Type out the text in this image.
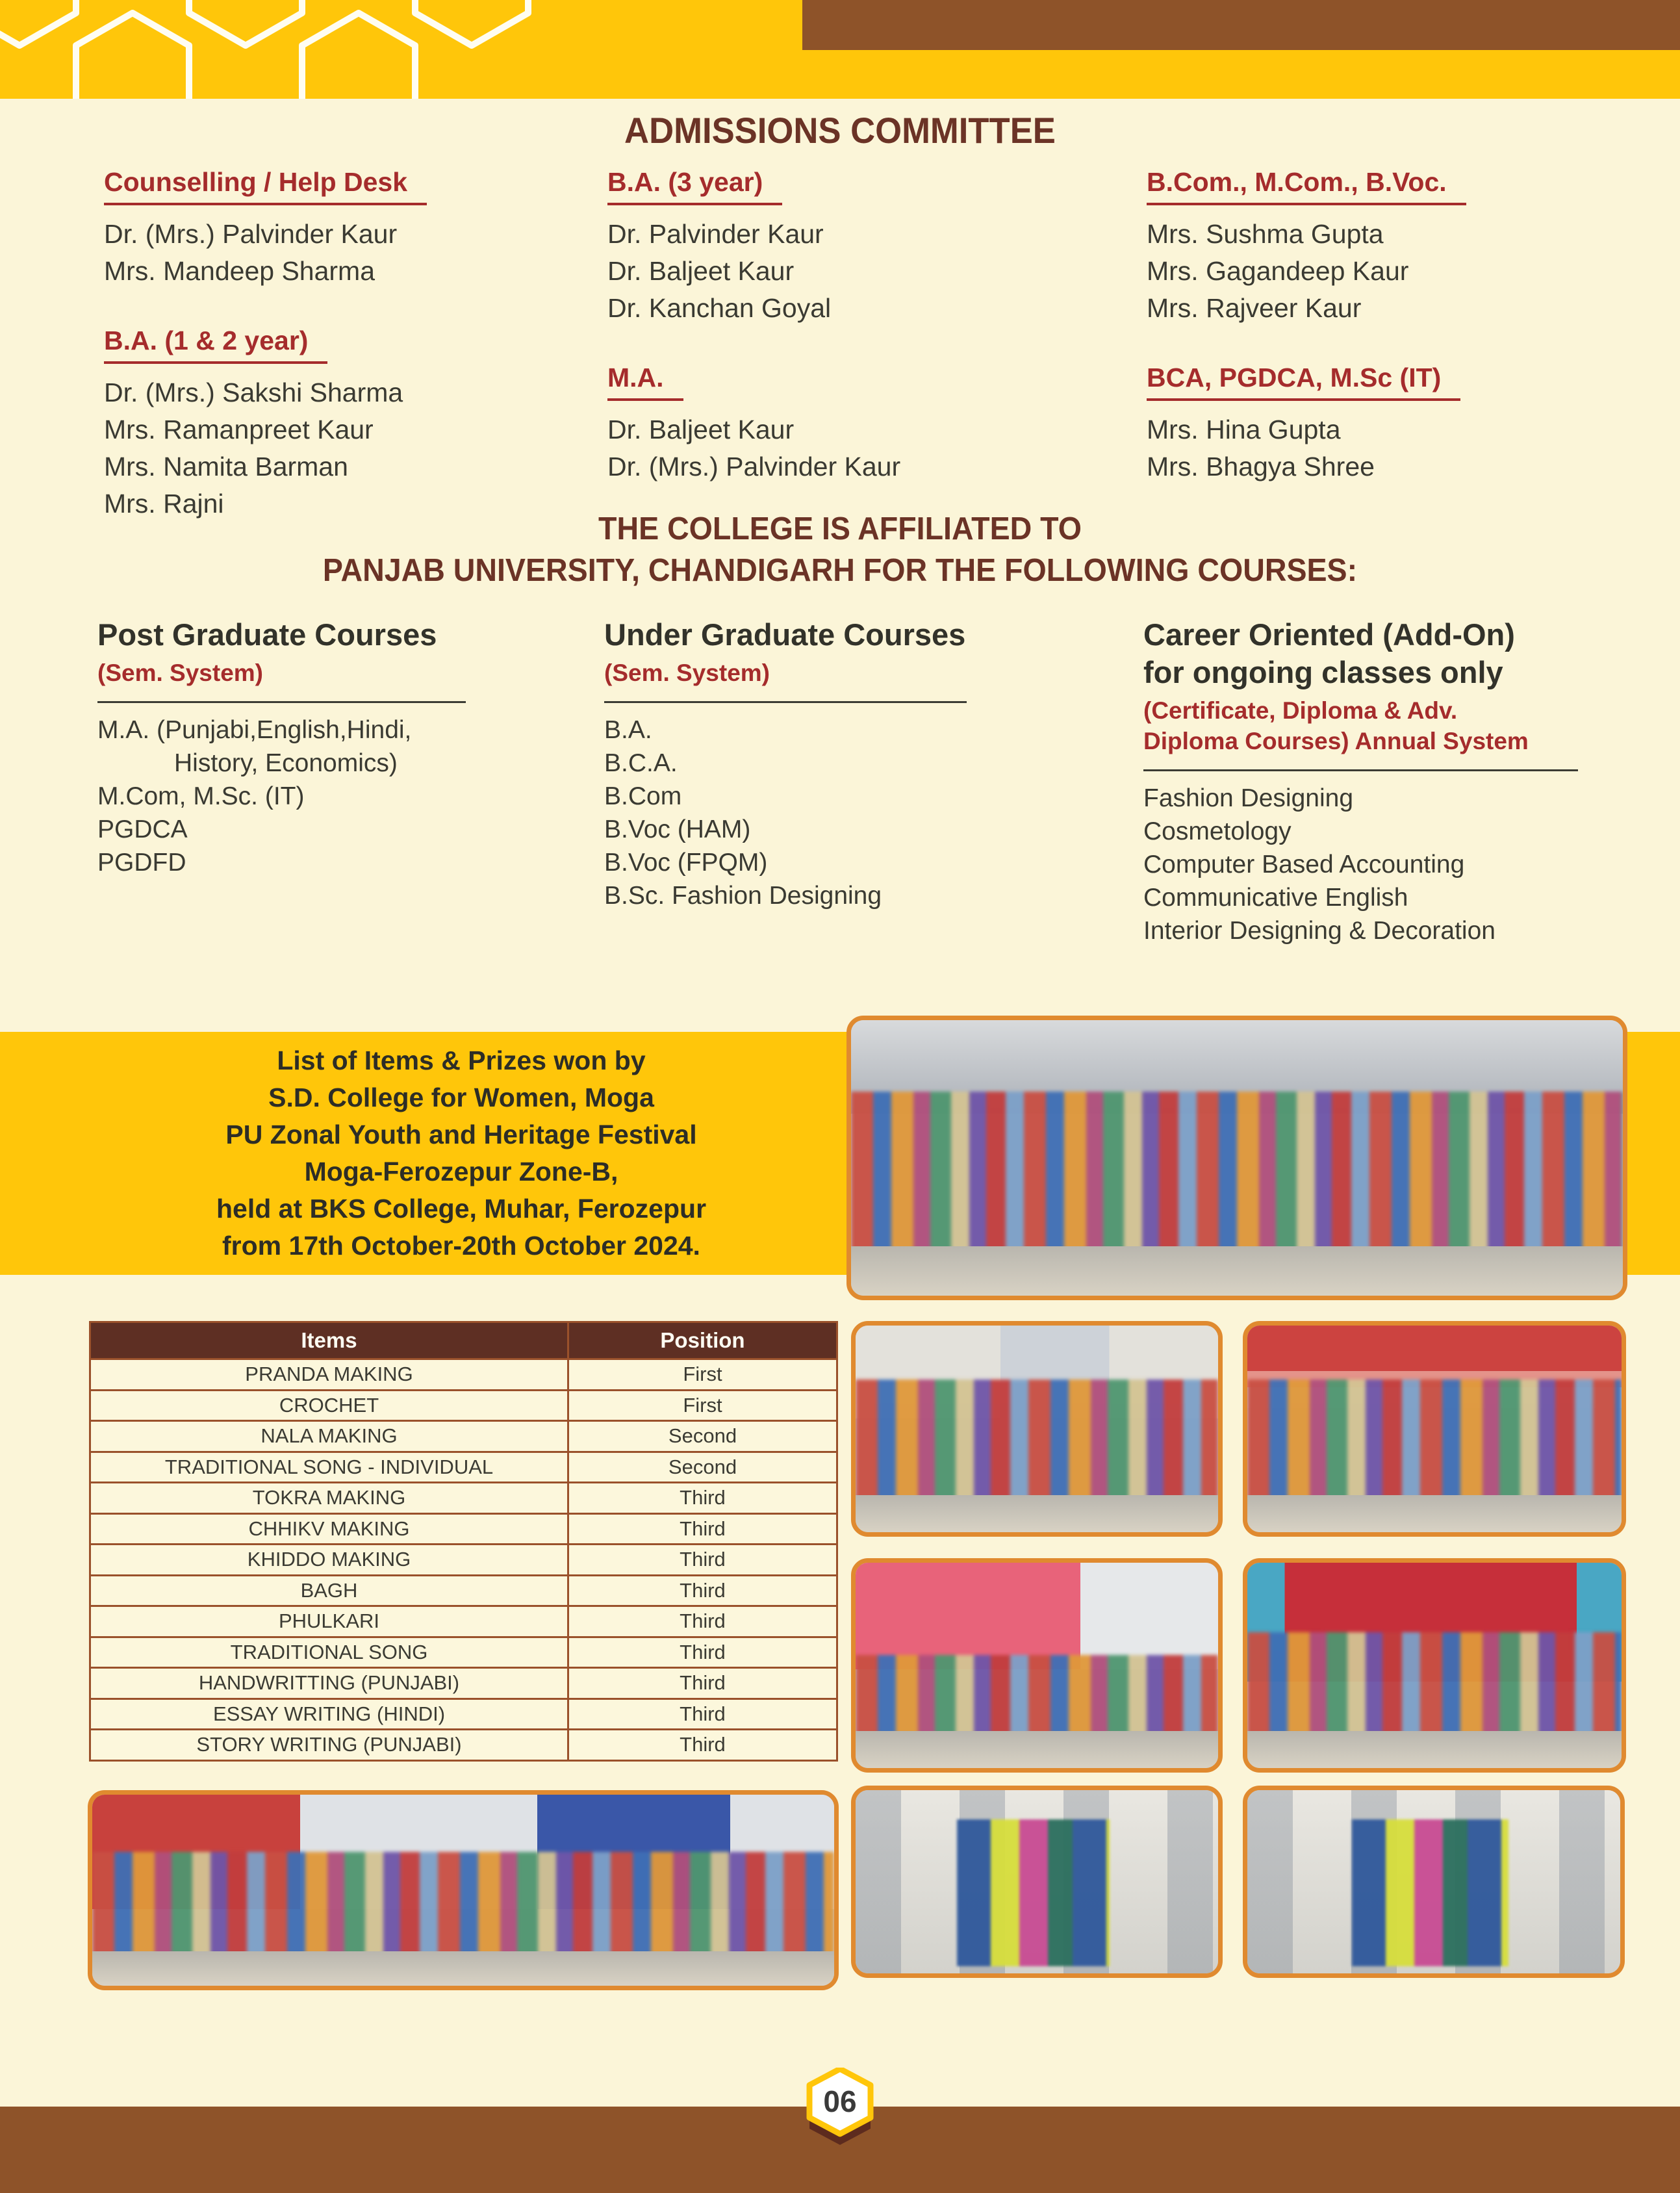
ADMISSIONS COMMITTEE
Counselling / Help Desk
Dr. (Mrs.) Palvinder Kaur
Mrs. Mandeep Sharma
B.A. (1 & 2 year)
Dr. (Mrs.) Sakshi Sharma
Mrs. Ramanpreet Kaur
Mrs. Namita Barman
Mrs. Rajni
B.A. (3 year)
Dr. Palvinder Kaur
Dr. Baljeet Kaur
Dr. Kanchan Goyal
M.A.
Dr. Baljeet Kaur
Dr. (Mrs.) Palvinder Kaur
B.Com., M.Com., B.Voc.
Mrs. Sushma Gupta
Mrs. Gagandeep Kaur
Mrs. Rajveer Kaur
BCA, PGDCA, M.Sc (IT)
Mrs. Hina Gupta
Mrs. Bhagya Shree
THE COLLEGE IS AFFILIATED TO
PANJAB UNIVERSITY, CHANDIGARH FOR THE FOLLOWING COURSES:
Post Graduate Courses
(Sem. System)
M.A. (Punjabi,English,Hindi,
History, Economics)
M.Com, M.Sc. (IT)
PGDCA
PGDFD
Under Graduate Courses
(Sem. System)
B.A.
B.C.A.
B.Com
B.Voc (HAM)
B.Voc (FPQM)
B.Sc. Fashion Designing
Career Oriented (Add-On)
for ongoing classes only
(Certificate, Diploma & Adv.
Diploma Courses) Annual System
Fashion Designing
Cosmetology
Computer Based Accounting
Communicative English
Interior Designing & Decoration
List of Items & Prizes won by
S.D. College for Women, Moga
PU Zonal Youth and Heritage Festival
Moga-Ferozepur Zone-B,
held at BKS College, Muhar, Ferozepur
from 17th October-20th October 2024.
Items	Position
PRANDA MAKING	First
CROCHET	First
NALA MAKING	Second
TRADITIONAL SONG - INDIVIDUAL	Second
TOKRA MAKING	Third
CHHIKV MAKING	Third
KHIDDO MAKING	Third
BAGH	Third
PHULKARI	Third
TRADITIONAL SONG	Third
HANDWRITTING (PUNJABI)	Third
ESSAY WRITING (HINDI)	Third
STORY WRITING (PUNJABI)	Third
06
